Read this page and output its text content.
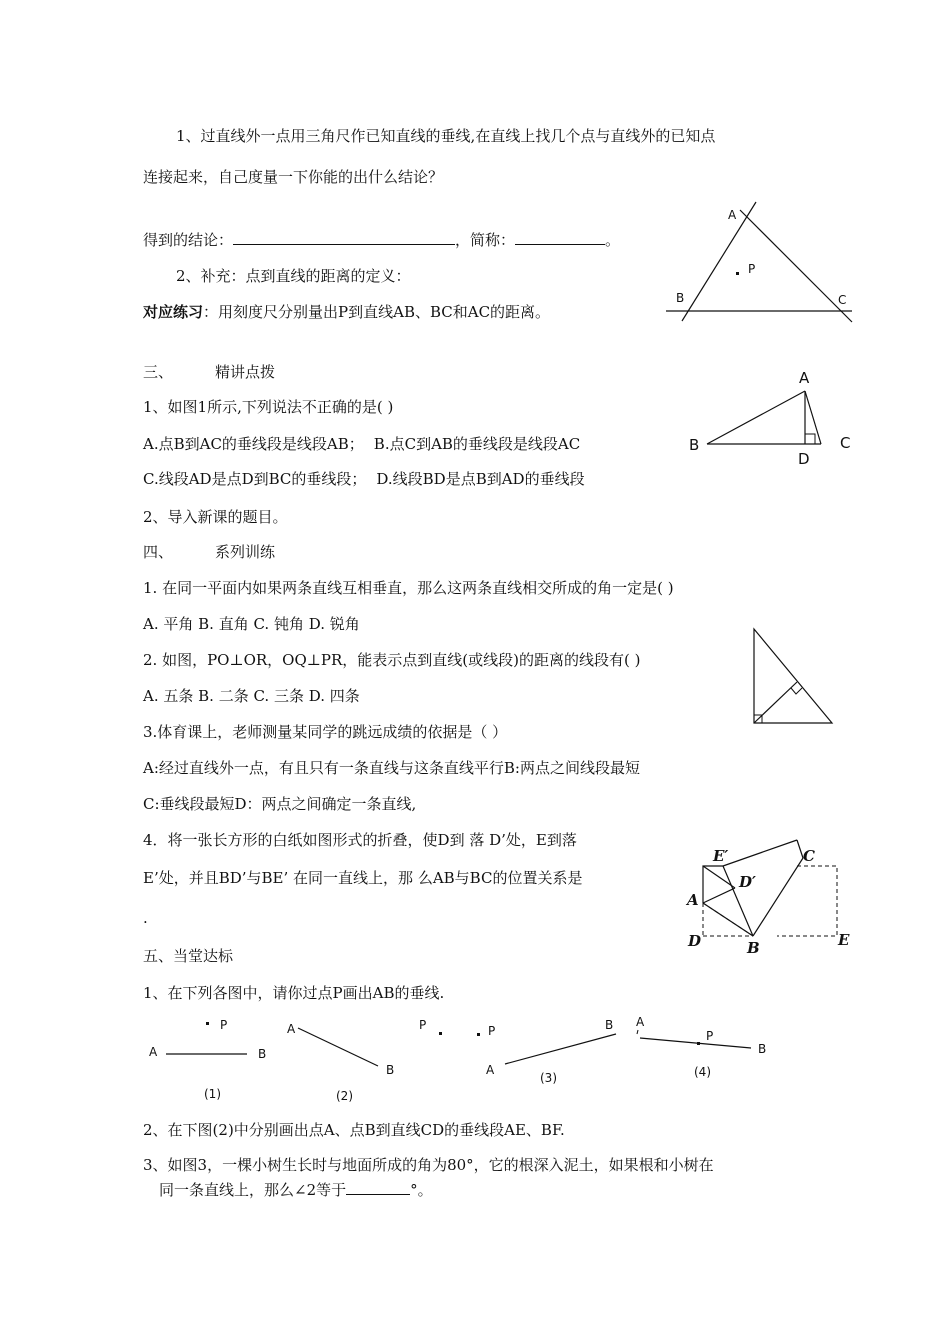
1、过直线外一点用三角尺作已知直线的垂线,在直线上找几个点与直线外的已知点
连接起来，自己度量一下你能的出什么结论？
得到的结论：	，简称：	。
2、补充：点到直线的距离的定义：
对应练习：用刻度尺分别量出P到直线AB、BC和AC的距离。
A
P
B	C
三、	精讲点拨
1、如图1所示,下列说法不正确的是( )
A.点B到AC的垂线段是线段AB； B.点C到AB的垂线段是线段AC
C.线段AD是点D到BC的垂线段； D.线段BD是点B到AD的垂线段
2、导入新课的题目。
A
B	C
D
四、	系列训练
1. 在同一平面内如果两条直线互相垂直，那么这两条直线相交所成的角一定是( )
A. 平角 B. 直角 C. 钝角 D. 锐角
2. 如图，PO⊥OR，OQ⊥PR，能表示点到直线(或线段)的距离的线段有( )
A. 五条 B. 二条 C. 三条 D. 四条
3.体育课上，老师测量某同学的跳远成绩的依据是（ ）
A:经过直线外一点，有且只有一条直线与这条直线平行B:两点之间线段最短
C:垂线段最短D：两点之间确定一条直线,
4．将一张长方形的白纸如图形式的折叠，使D到 落 D’处，E到落
E’处，并且BD’与BE’ 在同一直线上，那 么AB与BC的位置关系是
.
E′	C
D′
A
D	B	E
五、当堂达标
1、在下列各图中，请你过点P画出AB的垂线.
P
A	B
(1)
A
B
(2)
P	P	B
A
(3)
A
P
B
(4)
2、在下图(2)中分别画出点A、点B到直线CD的垂线段AE、BF.
3、如图3，一棵小树生长时与地面所成的角为80°，它的根深入泥土，如果根和小树在
同一条直线上，那么∠2等于	°。
